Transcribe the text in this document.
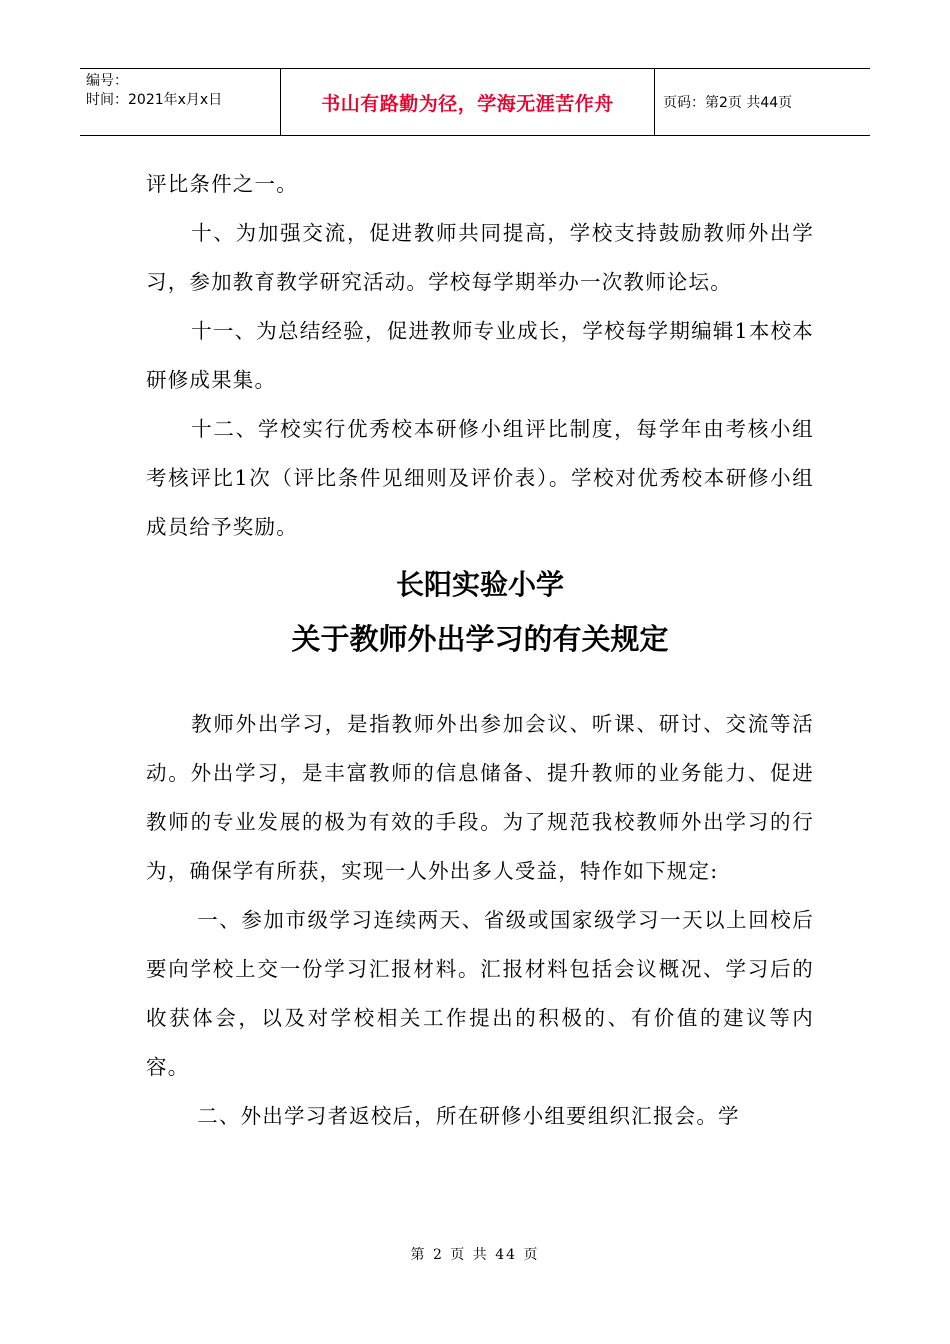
编号：
时间：2021年x月x日	书山有路勤为径，学海无涯苦作舟	页码：第2页 共44页

评比条件之一。

十、为加强交流，促进教师共同提高，学校支持鼓励教师外出学习，参加教育教学研究活动。学校每学期举办一次教师论坛。

十一、为总结经验，促进教师专业成长，学校每学期编辑1本校本研修成果集。

十二、学校实行优秀校本研修小组评比制度，每学年由考核小组考核评比1次（评比条件见细则及评价表）。学校对优秀校本研修小组成员给予奖励。

长阳实验小学
关于教师外出学习的有关规定

教师外出学习，是指教师外出参加会议、听课、研讨、交流等活动。外出学习，是丰富教师的信息储备、提升教师的业务能力、促进教师的专业发展的极为有效的手段。为了规范我校教师外出学习的行为，确保学有所获，实现一人外出多人受益，特作如下规定:

一、参加市级学习连续两天、省级或国家级学习一天以上回校后要向学校上交一份学习汇报材料。汇报材料包括会议概况、学习后的收获体会，以及对学校相关工作提出的积极的、有价值的建议等内容。

二、外出学习者返校后，所在研修小组要组织汇报会。学

第 2 页 共 44 页
